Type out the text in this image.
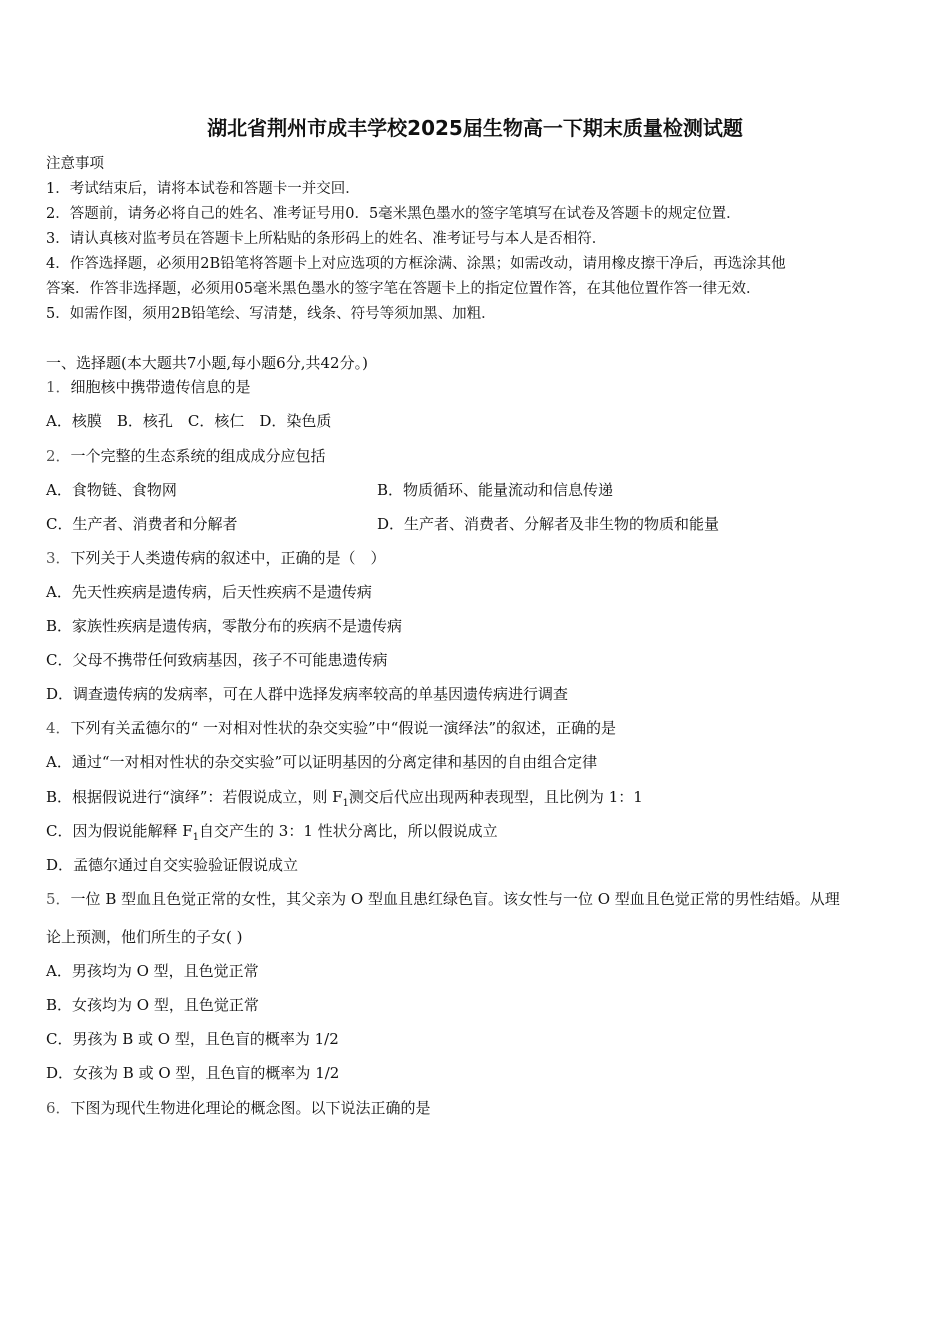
湖北省荆州市成丰学校2025届生物高一下期末质量检测试题
注意事项
1．考试结束后，请将本试卷和答题卡一并交回．
2．答题前，请务必将自己的姓名、准考证号用0．5毫米黑色墨水的签字笔填写在试卷及答题卡的规定位置．
3．请认真核对监考员在答题卡上所粘贴的条形码上的姓名、准考证号与本人是否相符．
4．作答选择题，必须用2B铅笔将答题卡上对应选项的方框涂满、涂黑；如需改动，请用橡皮擦干净后，再选涂其他
答案．作答非选择题，必须用05毫米黑色墨水的签字笔在答题卡上的指定位置作答，在其他位置作答一律无效．
5．如需作图，须用2B铅笔绘、写清楚，线条、符号等须加黑、加粗．
一、选择题(本大题共7小题,每小题6分,共42分。)
1．细胞核中携带遗传信息的是
A．核膜　B．核孔　C．核仁　D．染色质
2．一个完整的生态系统的组成成分应包括
A．食物链、食物网	B．物质循环、能量流动和信息传递
C．生产者、消费者和分解者	D．生产者、消费者、分解者及非生物的物质和能量
3．下列关于人类遗传病的叙述中，正确的是（　）
A．先天性疾病是遗传病，后天性疾病不是遗传病
B．家族性疾病是遗传病，零散分布的疾病不是遗传病
C．父母不携带任何致病基因，孩子不可能患遗传病
D．调查遗传病的发病率，可在人群中选择发病率较高的单基因遗传病进行调查
4．下列有关孟德尔的“ 一对相对性状的杂交实验”中“假说一演绎法”的叙述，正确的是
A．通过“一对相对性状的杂交实验”可以证明基因的分离定律和基因的自由组合定律
B．根据假说进行“演绎”：若假说成立，则 $F_1$测交后代应出现两种表现型，且比例为 1：1
C．因为假说能解释 $F_1$自交产生的 3：1 性状分离比，所以假说成立
D．孟德尔通过自交实验验证假说成立
5．一位 B 型血且色觉正常的女性，其父亲为 O 型血且患红绿色盲。该女性与一位 O 型血且色觉正常的男性结婚。从理
论上预测，他们所生的子女( )
A．男孩均为 O 型，且色觉正常
B．女孩均为 O 型，且色觉正常
C．男孩为 B 或 O 型，且色盲的概率为 1/2
D．女孩为 B 或 O 型，且色盲的概率为 1/2
6．下图为现代生物进化理论的概念图。以下说法正确的是
